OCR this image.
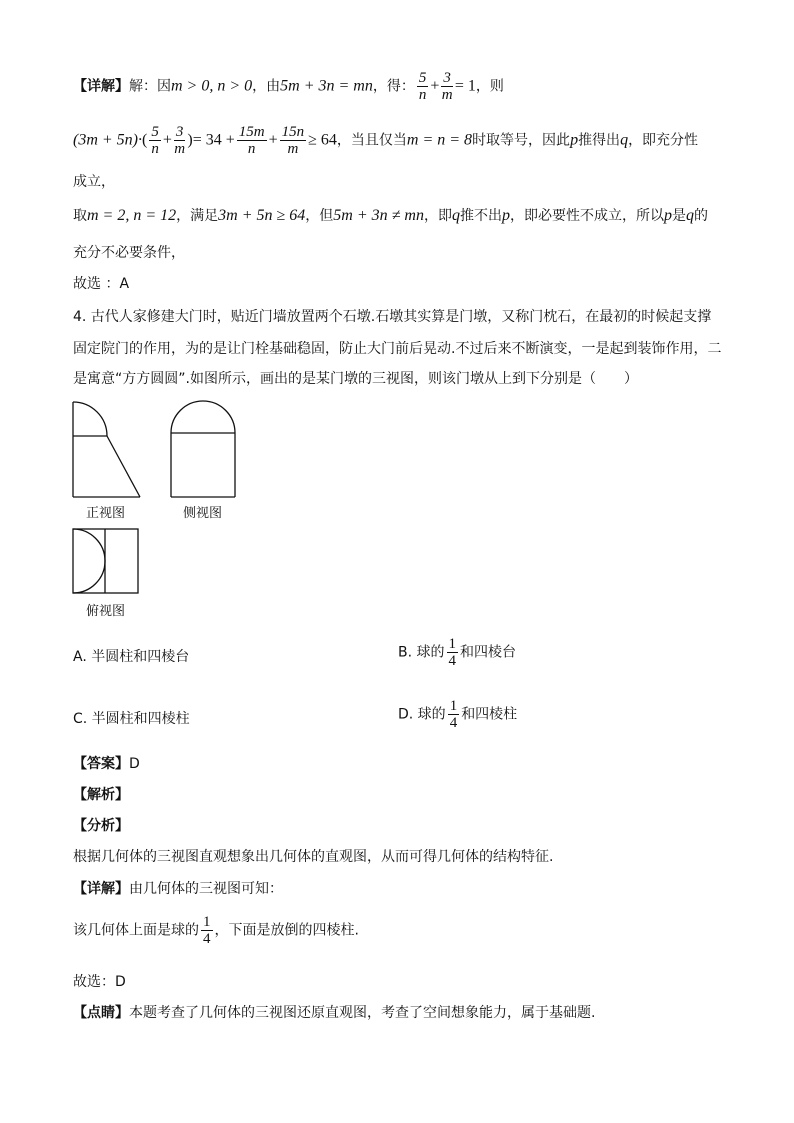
【详解】解：因m > 0, n > 0，由5m + 3n = mn，得： $\frac{5}{n} + \frac{3}{m} = 1$，则
$(3m + 5n)\cdot( \frac{5}{n} + \frac{3}{m}$ )= $34 + \frac{15m}{n} + \frac{15n}{m} \ge 64$，当且仅当m = n = 8时取等号，因此p推得出q，即充分性
成立，
取m = 2, n = 12，满足3m + 5n ≥ 64，但5m + 3n ≠ mn，即q推不出p，即必要性不成立，所以p是q的
充分不必要条件，
故选 ：A
4. 古代人家修建大门时，贴近门墙放置两个石墩.石墩其实算是门墩，又称门枕石，在最初的时候起支撑
固定院门的作用，为的是让门栓基础稳固，防止大门前后晃动.不过后来不断演变，一是起到装饰作用，二
是寓意“方方圆圆”.如图所示，画出的是某门墩的三视图，则该门墩从上到下分别是（　　）
正视图	侧视图
俯视图
A. 半圆柱和四棱台	B. 球的 $\frac{1}{4}$ 和四棱台
C. 半圆柱和四棱柱	D. 球的 $\frac{1}{4}$ 和四棱柱
【答案】D
【解析】
【分析】
根据几何体的三视图直观想象出几何体的直观图，从而可得几何体的结构特征.
【详解】由几何体的三视图可知：
该几何体上面是球的 $\frac{1}{4}$ ，下面是放倒的四棱柱.
故选：D
【点睛】本题考查了几何体的三视图还原直观图，考查了空间想象能力，属于基础题.
